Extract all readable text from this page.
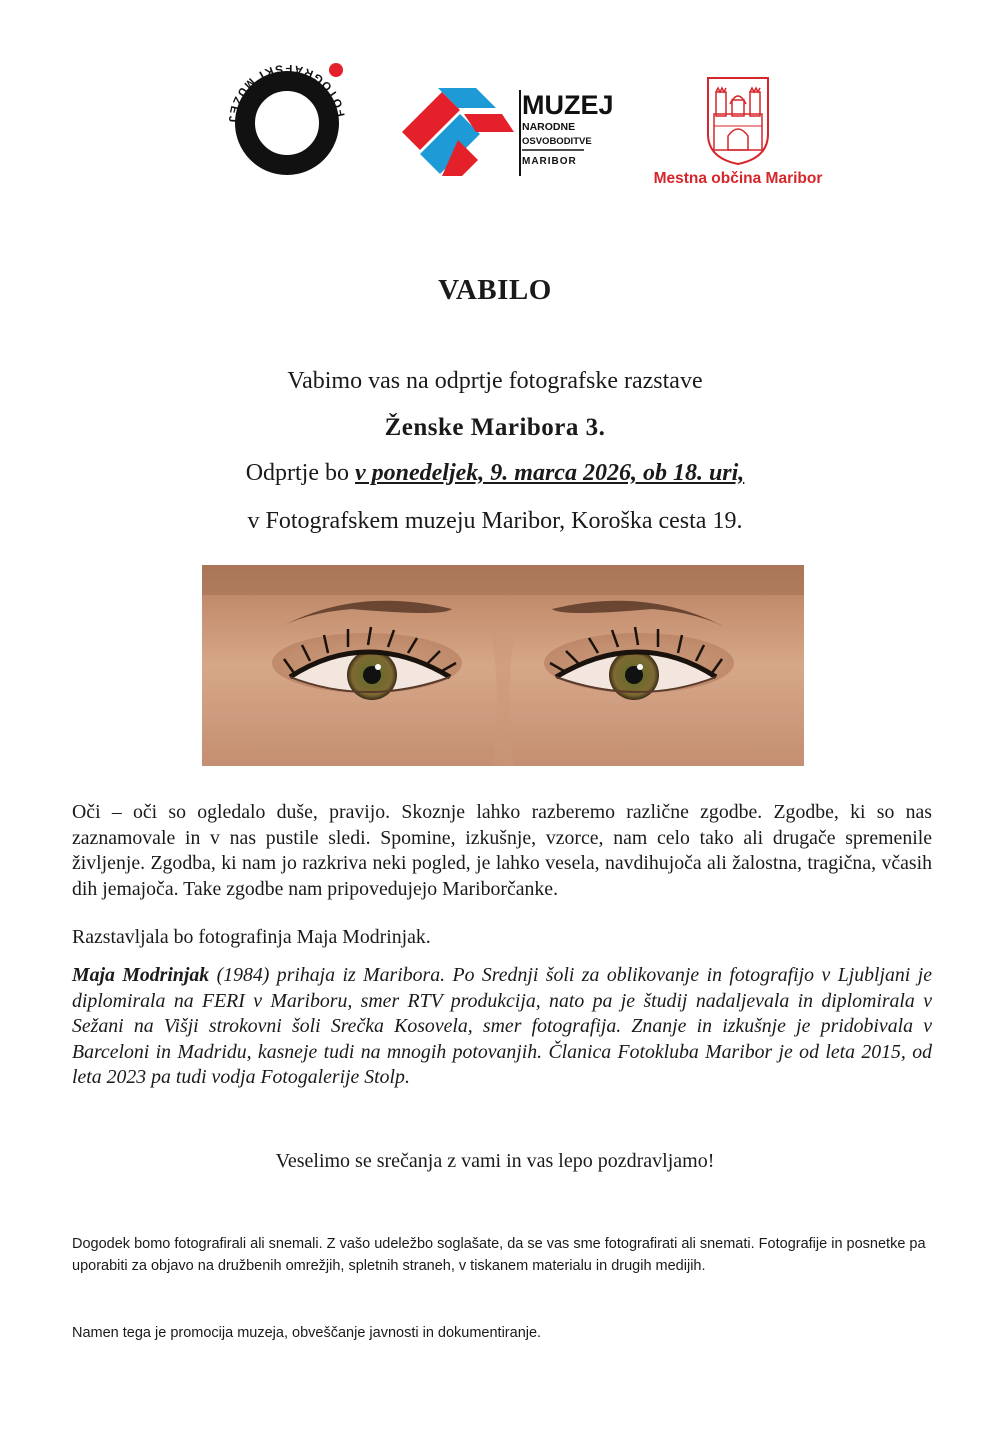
FOTOGRAFSKI MUZEJ
MUZEJ
NARODNE
OSVOBODITVE
MARIBOR
Mestna občina Maribor
VABILO
Vabimo vas na odprtje fotografske razstave
Ženske Maribora 3.
Odprtje bo v ponedeljek, 9. marca 2026, ob 18. uri,
v Fotografskem muzeju Maribor, Koroška cesta 19.
Oči – oči so ogledalo duše, pravijo. Skoznje lahko razberemo različne zgodbe. Zgodbe, ki so nas zaznamovale in v nas pustile sledi. Spomine, izkušnje, vzorce, nam celo tako ali drugače spremenile življenje. Zgodba, ki nam jo razkriva neki pogled, je lahko vesela, navdihujoča ali žalostna, tragična, včasih dih jemajoča. Take zgodbe nam pripovedujejo Mariborčanke.
Razstavljala bo fotografinja Maja Modrinjak.
Maja Modrinjak (1984) prihaja iz Maribora. Po Srednji šoli za oblikovanje in fotografijo v Ljubljani je diplomirala na FERI v Mariboru, smer RTV produkcija, nato pa je študij nadaljevala in diplomirala v Sežani na Višji strokovni šoli Srečka Kosovela, smer fotografija. Znanje in izkušnje je pridobivala v Barceloni in Madridu, kasneje tudi na mnogih potovanjih. Članica Fotokluba Maribor je od leta 2015, od leta 2023 pa tudi vodja Fotogalerije Stolp.
Veselimo se srečanja z vami in vas lepo pozdravljamo!
Dogodek bomo fotografirali ali snemali. Z vašo udeležbo soglašate, da se vas sme fotografirati ali snemati. Fotografije in posnetke pa uporabiti za objavo na družbenih omrežjih, spletnih straneh, v tiskanem materialu in drugih medijih.
Namen tega je promocija muzeja, obveščanje javnosti in dokumentiranje.
